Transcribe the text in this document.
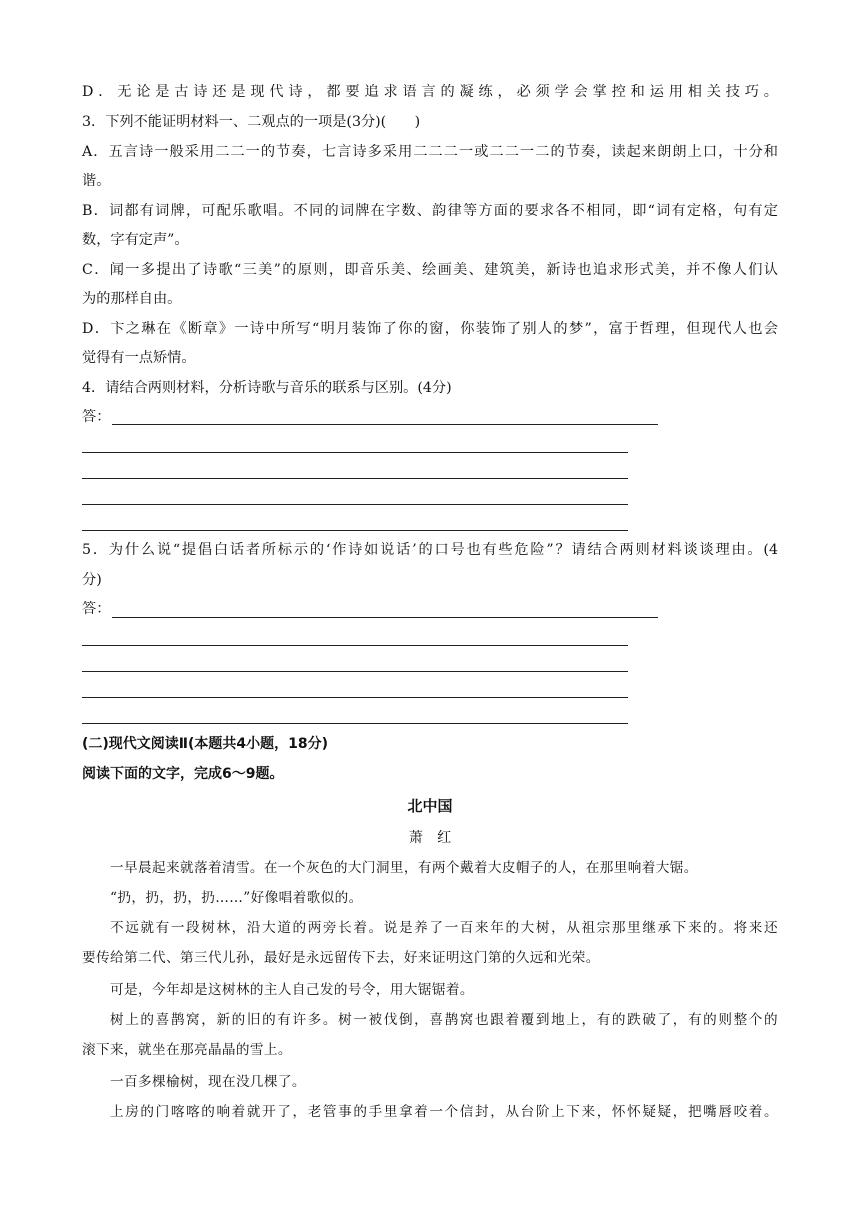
D．无论是古诗还是现代诗，都要追求语言的凝练，必须学会掌控和运用相关技巧。
3．下列不能证明材料一、二观点的一项是(3分)(　　)
A．五言诗一般采用二二一的节奏，七言诗多采用二二二一或二二一二的节奏，读起来朗朗上口，十分和
谐。
B．词都有词牌，可配乐歌唱。不同的词牌在字数、韵律等方面的要求各不相同，即“词有定格，句有定
数，字有定声”。
C．闻一多提出了诗歌“三美”的原则，即音乐美、绘画美、建筑美，新诗也追求形式美，并不像人们认
为的那样自由。
D．卞之琳在《断章》一诗中所写“明月装饰了你的窗，你装饰了别人的梦”，富于哲理，但现代人也会
觉得有一点矫情。
4．请结合两则材料，分析诗歌与音乐的联系与区别。(4分)
答：
5．为什么说“提倡白话者所标示的‘作诗如说话’的口号也有些危险”？请结合两则材料谈谈理由。(4
分)
答：
(二)现代文阅读Ⅱ(本题共4小题，18分)
阅读下面的文字，完成6～9题。
北中国
萧　红
一早晨起来就落着清雪。在一个灰色的大门洞里，有两个戴着大皮帽子的人，在那里响着大锯。
“扔，扔，扔，扔……”好像唱着歌似的。
不远就有一段树林，沿大道的两旁长着。说是养了一百来年的大树，从祖宗那里继承下来的。将来还
要传给第二代、第三代儿孙，最好是永远留传下去，好来证明这门第的久远和光荣。
可是，今年却是这树林的主人自己发的号令，用大锯锯着。
树上的喜鹊窝，新的旧的有许多。树一被伐倒，喜鹊窝也跟着覆到地上，有的跌破了，有的则整个的
滚下来，就坐在那亮晶晶的雪上。
一百多棵榆树，现在没几棵了。
上房的门喀喀的响着就开了，老管事的手里拿着一个信封，从台阶上下来，怀怀疑疑，把嘴唇咬着。
